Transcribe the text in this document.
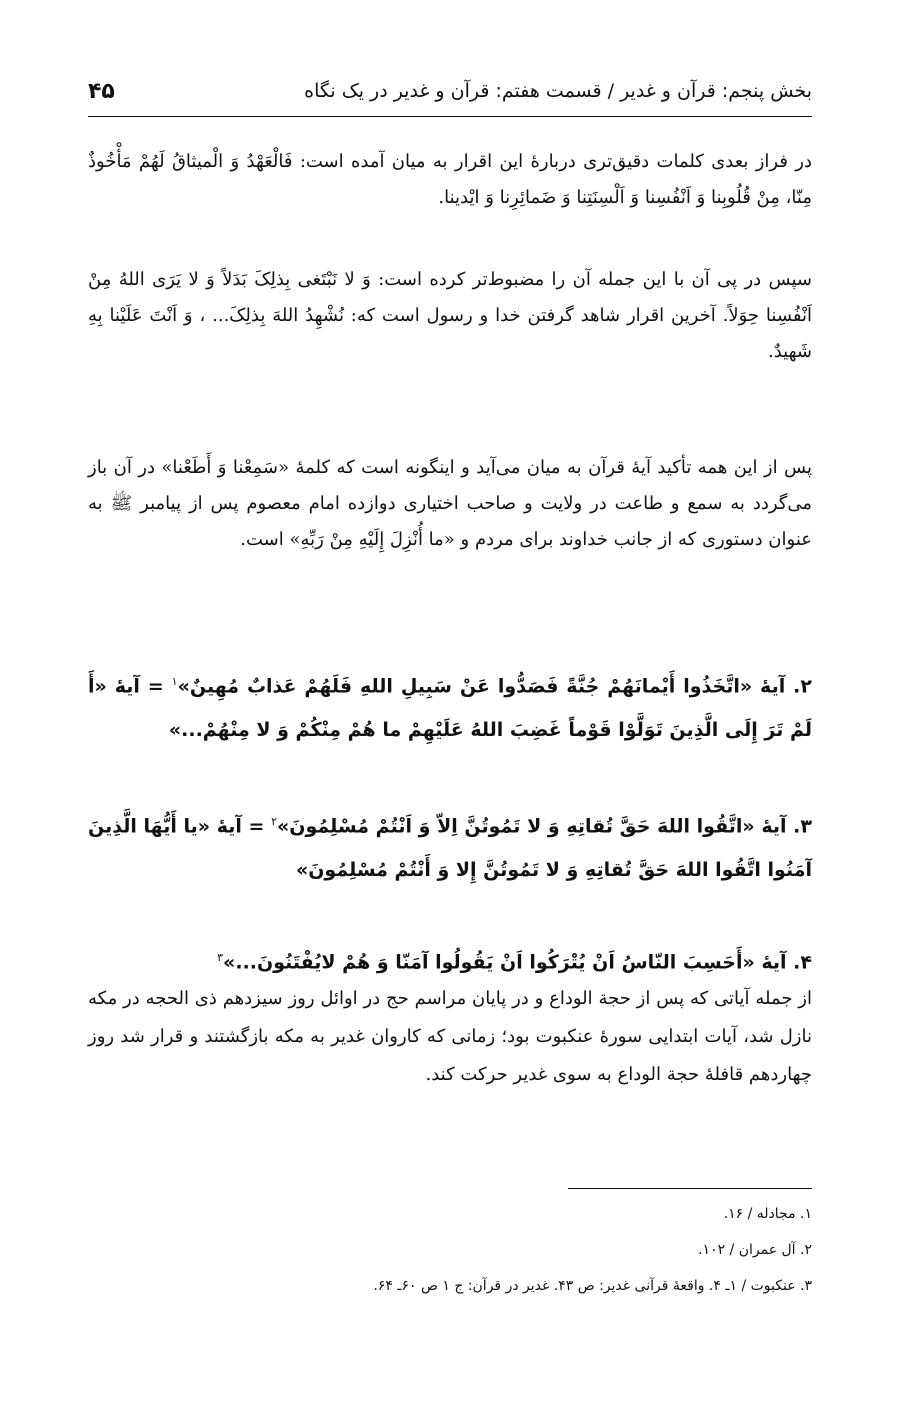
بخش پنجم: قرآن و غدیر / قسمت هفتم: قرآن و غدیر در یک نگاه
۴۵

در فراز بعدی کلمات دقیق‌تری دربارهٔ این اقرار به میان آمده است: فَالْعَهْدُ وَ الْمیثاقُ لَهُمْ مَأْخُوذٌ مِنّا، مِنْ قُلُوبِنا وَ اَنْفُسِنا وَ اَلْسِنَتِنا وَ ضَمائِرِنا وَ ایْدینا.

سپس در پی آن با این جمله آن را مضبوط‌تر کرده است: وَ لا نَبْتَغی بِذلِکَ بَدَلاً وَ لا یَرَی اللهُ مِنْ اَنْفُسِنا حِوَلاً. آخرین اقرار شاهد گرفتن خدا و رسول است که: نُشْهِدُ اللهَ بِذلِکَ... ، وَ اَنْتَ عَلَیْنا بِهِ شَهیدٌ.

پس از این همه تأکید آیهٔ قرآن به میان می‌آید و اینگونه است که کلمهٔ «سَمِعْنا وَ أَطَعْنا» در آن باز می‌گردد به سمع و طاعت در ولایت و صاحب اختیاری دوازده امام معصوم پس از پیامبر ﷺ به عنوان دستوری که از جانب خداوند برای مردم و «ما أُنْزِلَ إِلَیْهِ مِنْ رَبِّهِ» است.

۲. آیهٔ «اتَّخَذُوا أَیْمانَهُمْ جُنَّةً فَصَدُّوا عَنْ سَبِیلِ اللهِ فَلَهُمْ عَذابٌ مُهِینٌ»$^۱$ = آیهٔ «أَ لَمْ تَرَ إِلَی الَّذِینَ تَوَلَّوْا قَوْماً غَضِبَ اللهُ عَلَیْهِمْ ما هُمْ مِنْکُمْ وَ لا مِنْهُمْ...»

۳. آیهٔ «اتَّقُوا اللهَ حَقَّ تُقاتِهِ وَ لا تَمُوتُنَّ اِلاّ وَ اَنْتُمْ مُسْلِمُونَ»$^۲$ = آیهٔ «یا أَیُّهَا الَّذِینَ آمَنُوا اتَّقُوا اللهَ حَقَّ تُقاتِهِ وَ لا تَمُوتُنَّ إِلا وَ أَنْتُمْ مُسْلِمُونَ»

۴. آیهٔ «أَحَسِبَ النّاسُ اَنْ یُتْرَکُوا اَنْ یَقُولُوا آمَنّا وَ هُمْ لایُفْتَنُونَ...»$^۳$

از جمله آیاتی که پس از حجة الوداع و در پایان مراسم حج در اوائل روز سیزدهم ذی الحجه در مکه نازل شد، آیات ابتدایی سورهٔ عنکبوت بود؛ زمانی که کاروان غدیر به مکه بازگشتند و قرار شد روز چهاردهم قافلهٔ حجة الوداع به سوی غدیر حرکت کند.

۱. مجادله / ۱۶.

۲. آل عمران / ۱۰۲.

۳. عنکبوت / ۱ـ ۴. واقعهٔ قرآنی غدیر: ص ۴۳. غدیر در قرآن: ج ۱ ص ۶۰ـ ۶۴.
